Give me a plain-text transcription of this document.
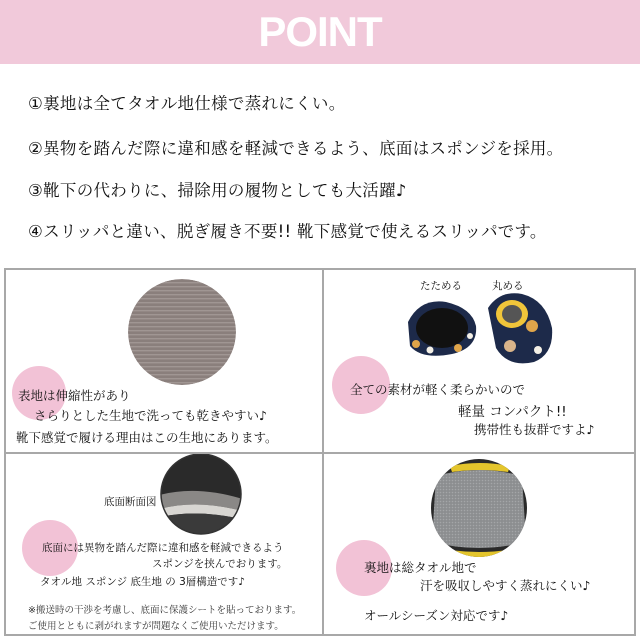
POINT
①裏地は全てタオル地仕様で蒸れにくい。
②異物を踏んだ際に違和感を軽減できるよう、底面はスポンジを採用。
③靴下の代わりに、掃除用の履物としても大活躍♪
④スリッパと違い、脱ぎ履き不要!! 靴下感覚で使えるスリッパです。
表地は伸縮性があり
さらりとした生地で洗っても乾きやすい♪
靴下感覚で履ける理由はこの生地にあります。
たためる	丸める
全ての素材が軽く柔らかいので
軽量 コンパクト!!
携帯性も抜群ですよ♪
底面断面図
底面には異物を踏んだ際に違和感を軽減できるよう
スポンジを挟んでおります。
タオル地 スポンジ 底生地 の 3層構造です♪
※搬送時の干渉を考慮し、底面に保護シートを貼っております。
ご使用とともに剥がれますが問題なくご使用いただけます。
裏地は総タオル地で
汗を吸収しやすく蒸れにくい♪
オールシーズン対応です♪
